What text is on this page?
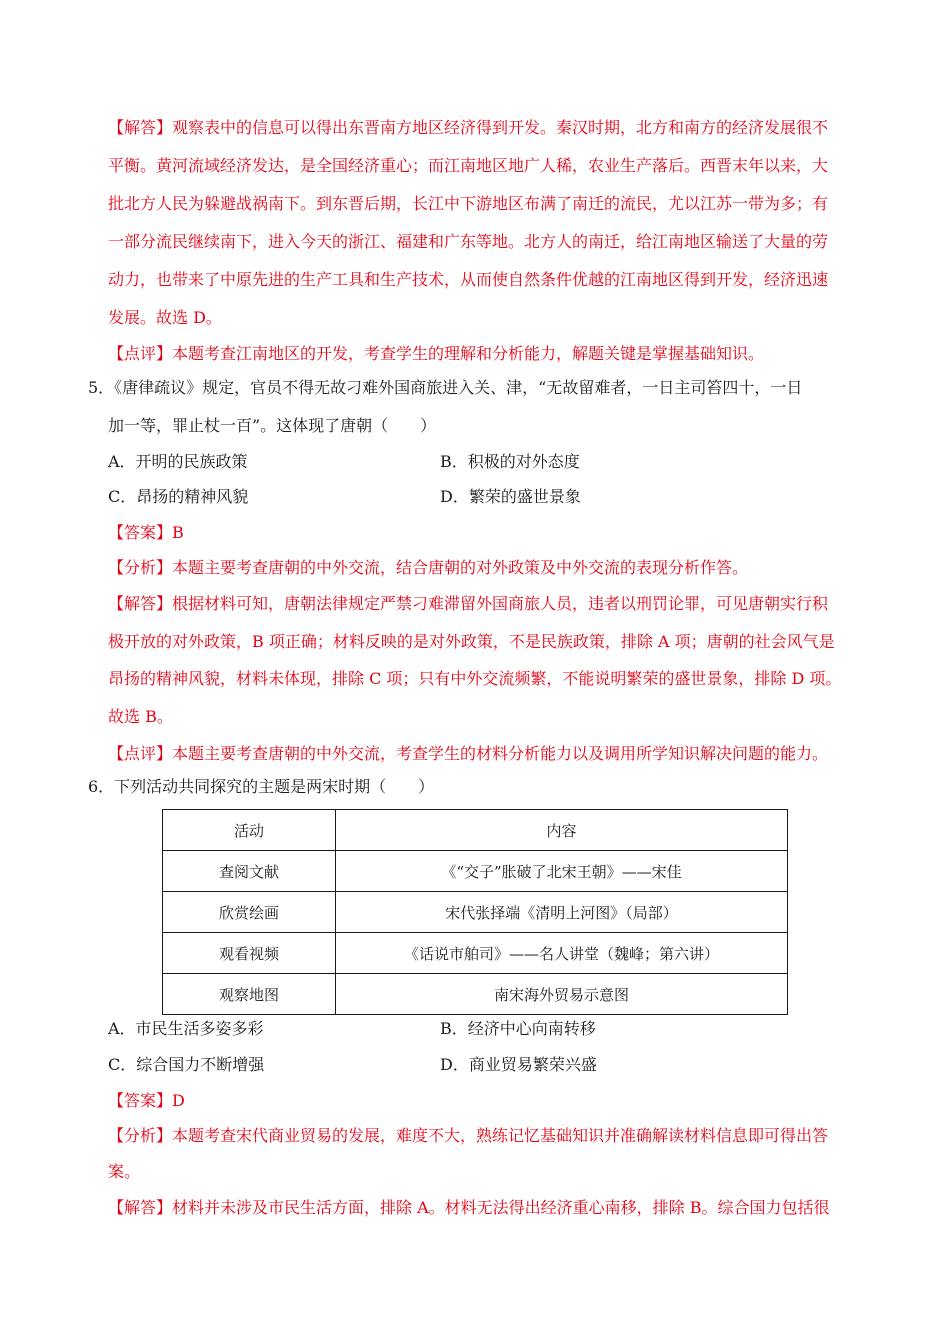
【解答】观察表中的信息可以得出东晋南方地区经济得到开发。秦汉时期，北方和南方的经济发展很不
平衡。黄河流域经济发达，是全国经济重心；而江南地区地广人稀，农业生产落后。西晋末年以来，大
批北方人民为躲避战祸南下。到东晋后期，长江中下游地区布满了南迁的流民，尤以江苏一带为多；有
一部分流民继续南下，进入今天的浙江、福建和广东等地。北方人的南迁，给江南地区输送了大量的劳
动力，也带来了中原先进的生产工具和生产技术，从而使自然条件优越的江南地区得到开发，经济迅速
发展。故选 D。
【点评】本题考查江南地区的开发，考查学生的理解和分析能力，解题关键是掌握基础知识。
5．《唐律疏议》规定，官员不得无故刁难外国商旅进入关、津，“无故留难者，一日主司笞四十，一日
加一等，罪止杖一百”。这体现了唐朝（　　）
A．开明的民族政策	B．积极的对外态度
C．昂扬的精神风貌	D．繁荣的盛世景象
【答案】B
【分析】本题主要考查唐朝的中外交流，结合唐朝的对外政策及中外交流的表现分析作答。
【解答】根据材料可知，唐朝法律规定严禁刁难滞留外国商旅人员，违者以刑罚论罪，可见唐朝实行积
极开放的对外政策，B 项正确；材料反映的是对外政策，不是民族政策，排除 A 项；唐朝的社会风气是
昂扬的精神风貌，材料未体现，排除 C 项；只有中外交流频繁，不能说明繁荣的盛世景象，排除 D 项。
故选 B。
【点评】本题主要考查唐朝的中外交流，考查学生的材料分析能力以及调用所学知识解决问题的能力。
6．下列活动共同探究的主题是两宋时期（　　）
活动	内容
查阅文献	《“交子”胀破了北宋王朝》——宋佳
欣赏绘画	宋代张择端《清明上河图》（局部）
观看视频	《话说市舶司》——名人讲堂（魏峰；第六讲）
观察地图	南宋海外贸易示意图
A．市民生活多姿多彩	B．经济中心向南转移
C．综合国力不断增强	D．商业贸易繁荣兴盛
【答案】D
【分析】本题考查宋代商业贸易的发展，难度不大，熟练记忆基础知识并准确解读材料信息即可得出答
案。
【解答】材料并未涉及市民生活方面，排除 A。材料无法得出经济重心南移，排除 B。综合国力包括很
